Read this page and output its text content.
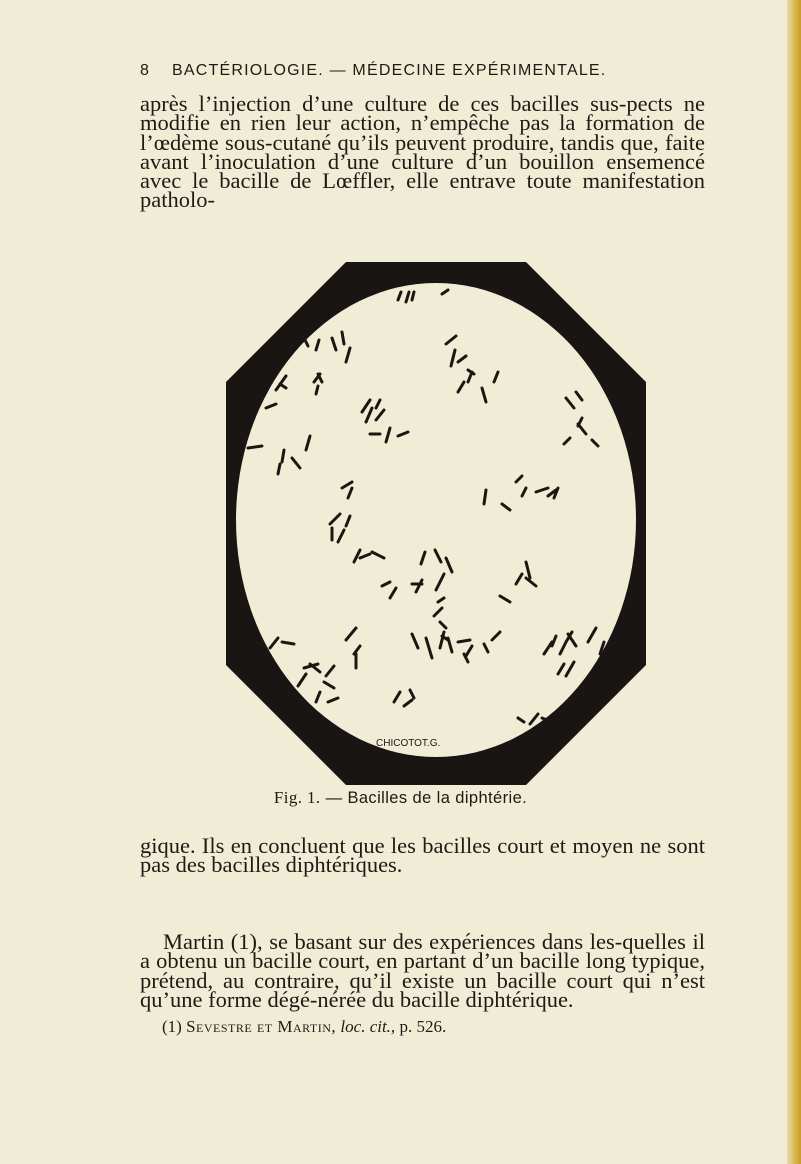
8 BACTÉRIOLOGIE. — MÉDECINE EXPÉRIMENTALE.

après l’injection d’une culture de ces bacilles sus-pects ne modifie en rien leur action, n’empêche pas la formation de l’œdème sous-cutané qu’ils peuvent produire, tandis que, faite avant l’inoculation d’une culture d’un bouillon ensemencé avec le bacille de Lœffler, elle entrave toute manifestation patholo-

CHICOTOT.G.
Fig. 1. — Bacilles de la diphtérie.

gique. Ils en concluent que les bacilles court et moyen ne sont pas des bacilles diphtériques.

Martin (1), se basant sur des expériences dans les-quelles il a obtenu un bacille court, en partant d’un bacille long typique, prétend, au contraire, qu’il existe un bacille court qui n’est qu’une forme dégé-nérée du bacille diphtérique.

(1) Sevestre et Martin, loc. cit., p. 526.
